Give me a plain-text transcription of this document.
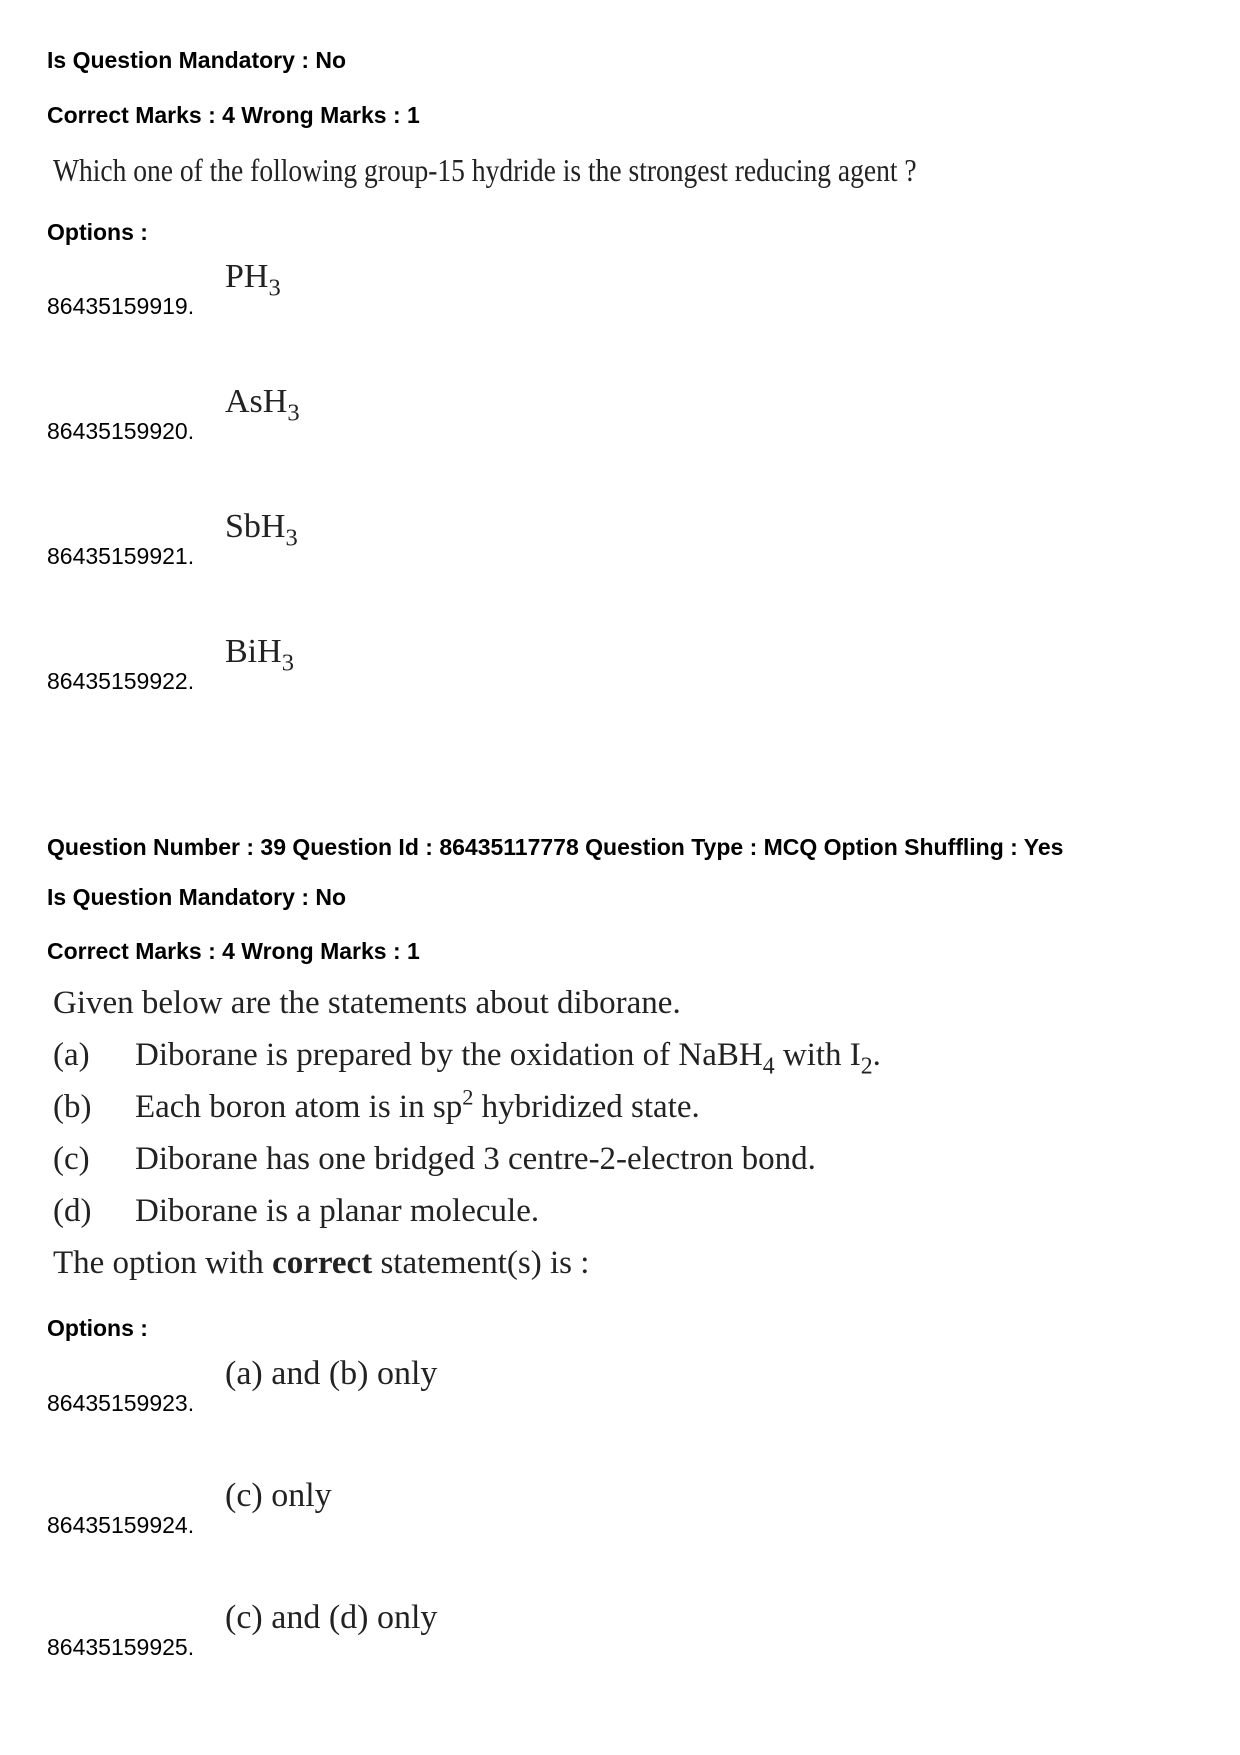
Is Question Mandatory : No
Correct Marks : 4 Wrong Marks : 1
Which one of the following group-15 hydride is the strongest reducing agent ?
Options :
86435159919.
$PH_3$
86435159920.
AsH$_3$
86435159921.
SbH$_3$
86435159922.
BiH$_3$
Question Number : 39 Question Id : 86435117778 Question Type : MCQ Option Shuffling : Yes
Is Question Mandatory : No
Correct Marks : 4 Wrong Marks : 1
Given below are the statements about diborane.
(a) Diborane is prepared by the oxidation of NaBH$_4$ with $I_2$.
(b) Each boron atom is in $sp^2$ hybridized state.
(c) Diborane has one bridged 3 centre-2-electron bond.
(d) Diborane is a planar molecule.
The option with correct statement(s) is :
Options :
86435159923.
(a) and (b) only
86435159924.
(c) only
86435159925.
(c) and (d) only
